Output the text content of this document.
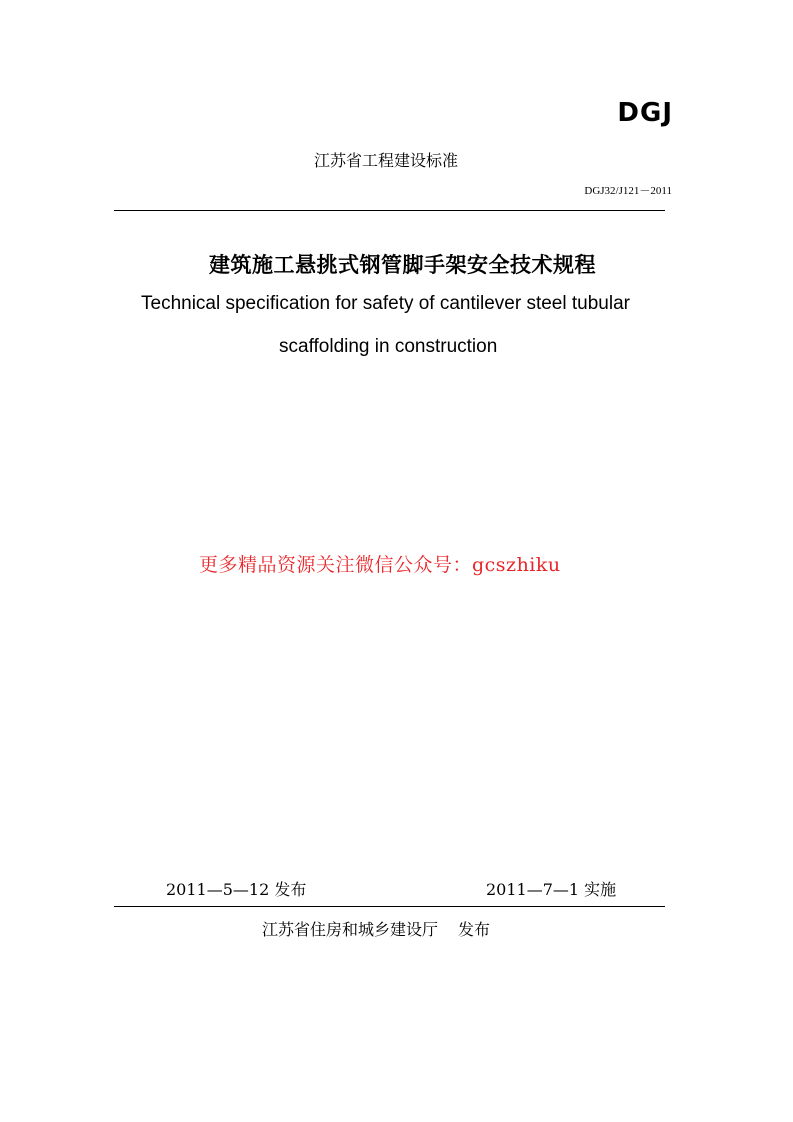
DGJ
江苏省工程建设标准
DGJ32/J121－2011
建筑施工悬挑式钢管脚手架安全技术规程
Technical specification for safety of cantilever steel tubular
scaffolding in construction
更多精品资源关注微信公众号：gcszhiku
2011—5—12 发布	2011—7—1 实施
江苏省住房和城乡建设厅 发布
